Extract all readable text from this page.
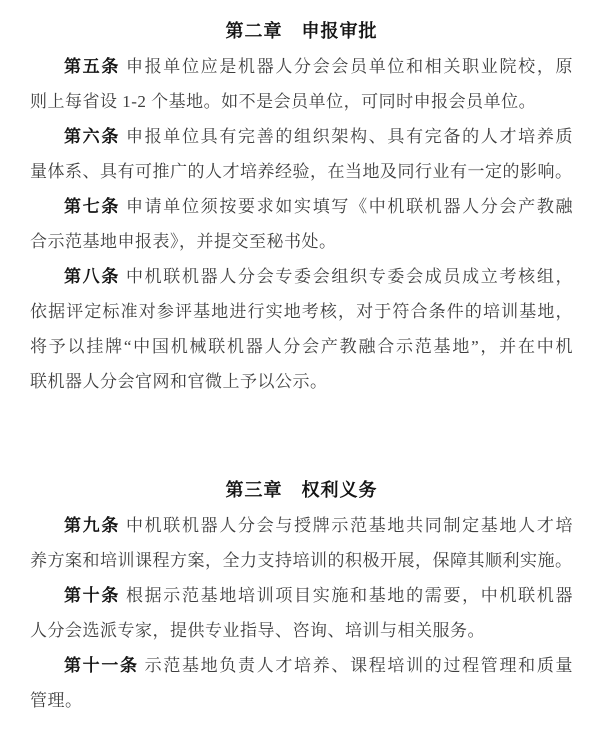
第二章　申报审批
第五条 申报单位应是机器人分会会员单位和相关职业院校，原
则上每省设 1-2 个基地。如不是会员单位，可同时申报会员单位。
第六条 申报单位具有完善的组织架构、具有完备的人才培养质
量体系、具有可推广的人才培养经验，在当地及同行业有一定的影响。
第七条 申请单位须按要求如实填写《中机联机器人分会产教融
合示范基地申报表》，并提交至秘书处。
第八条 中机联机器人分会专委会组织专委会成员成立考核组，
依据评定标准对参评基地进行实地考核，对于符合条件的培训基地，
将予以挂牌“中国机械联机器人分会产教融合示范基地”，并在中机
联机器人分会官网和官微上予以公示。
第三章　权利义务
第九条 中机联机器人分会与授牌示范基地共同制定基地人才培
养方案和培训课程方案，全力支持培训的积极开展，保障其顺利实施。
第十条 根据示范基地培训项目实施和基地的需要，中机联机器
人分会选派专家，提供专业指导、咨询、培训与相关服务。
第十一条 示范基地负责人才培养、课程培训的过程管理和质量
管理。
